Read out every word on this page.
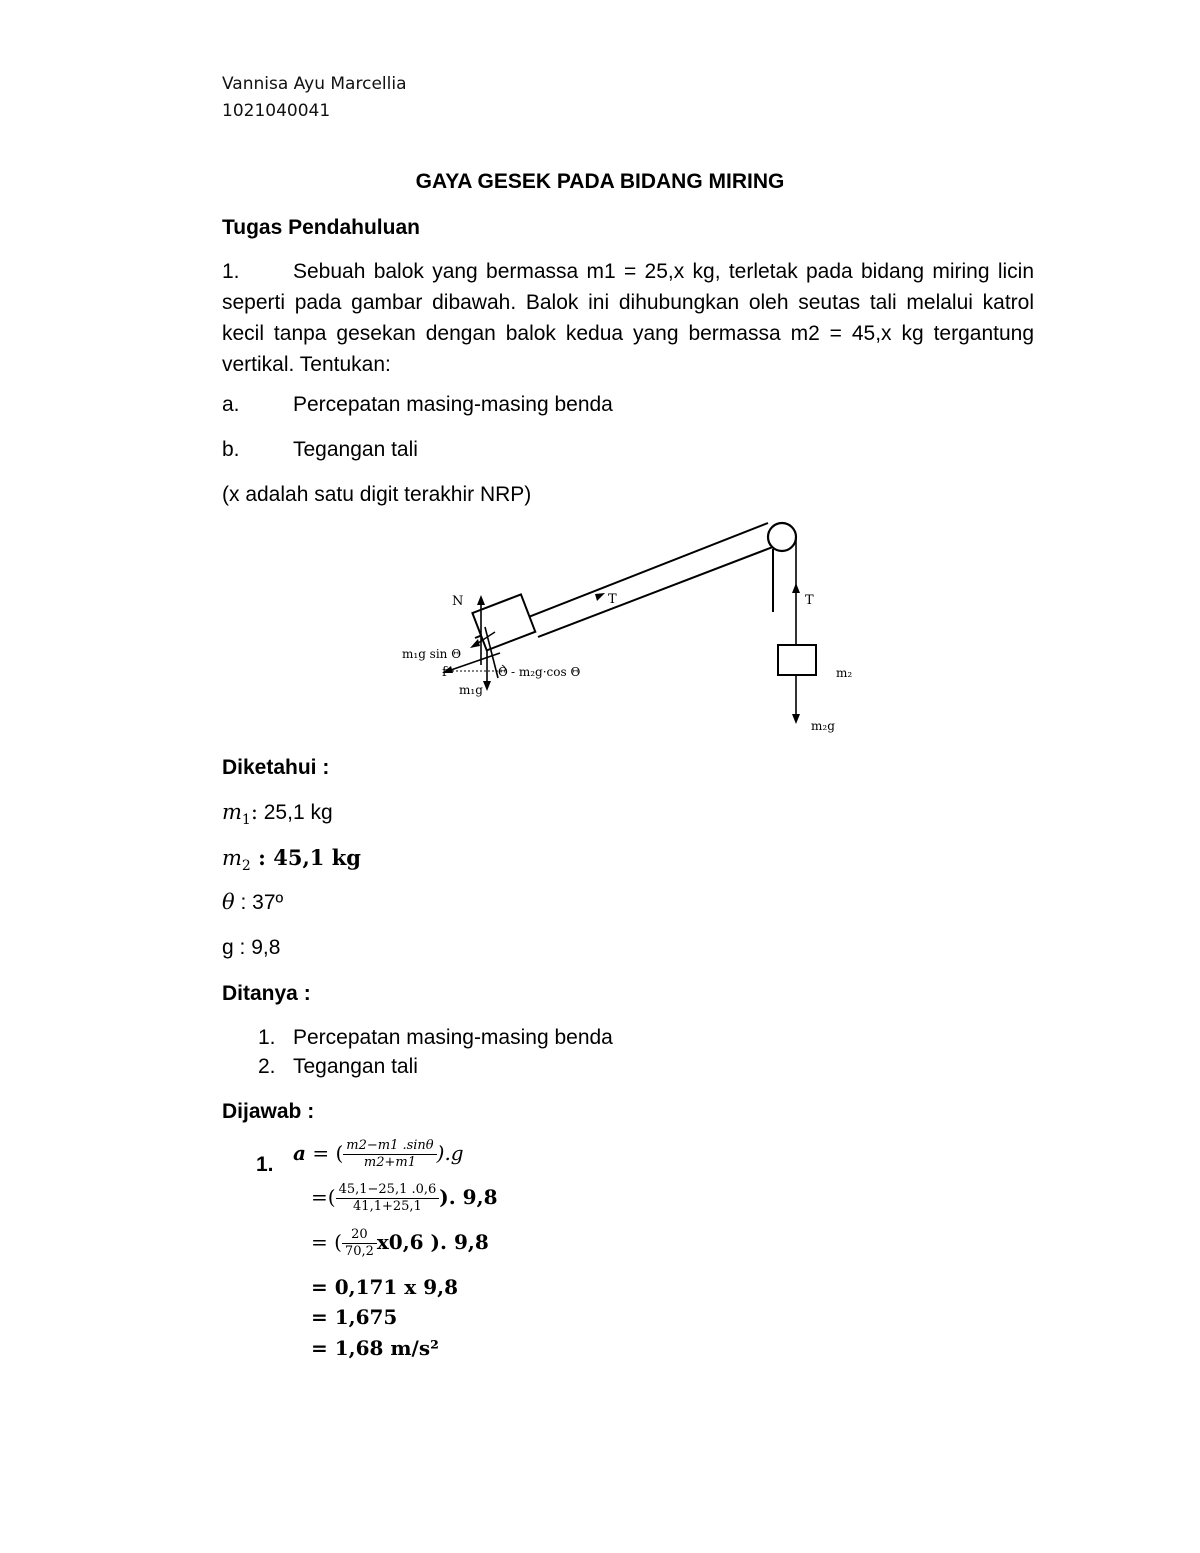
Vannisa Ayu Marcellia
1021040041
GAYA GESEK PADA BIDANG MIRING
Tugas Pendahuluan
1.	Sebuah balok yang bermassa m1 = 25,x kg, terletak pada bidang miring licin seperti pada gambar dibawah. Balok ini dihubungkan oleh seutas tali melalui katrol kecil tanpa gesekan dengan balok kedua yang bermassa m2 = 45,x kg tergantung vertikal. Tentukan:
a.	Percepatan masing-masing benda
b.	Tegangan tali
(x adalah satu digit terakhir NRP)
N	T	T
m₁g sin Θ
f	Θ - m₂g·cos Θ
m₁g
m₂
m₂g
Diketahui :
$m_1$: 25,1 kg
$m_2$ : 45,1 kg
θ : 37º
g : 9,8
Ditanya :
1. Percepatan masing-masing benda
2. Tegangan tali
Dijawab :
1. a = ( $\frac{m2-m1 .\sin\theta}{m2+m1} ).g$
=( $\frac{45,1-25,1 .0,6}{41,1+25,1}$ ). 9,8
= ( $\frac{20}{70,2} x0,6$ ). 9,8
= 0,171 x 9,8
= 1,675
= 1,68 m/s²
